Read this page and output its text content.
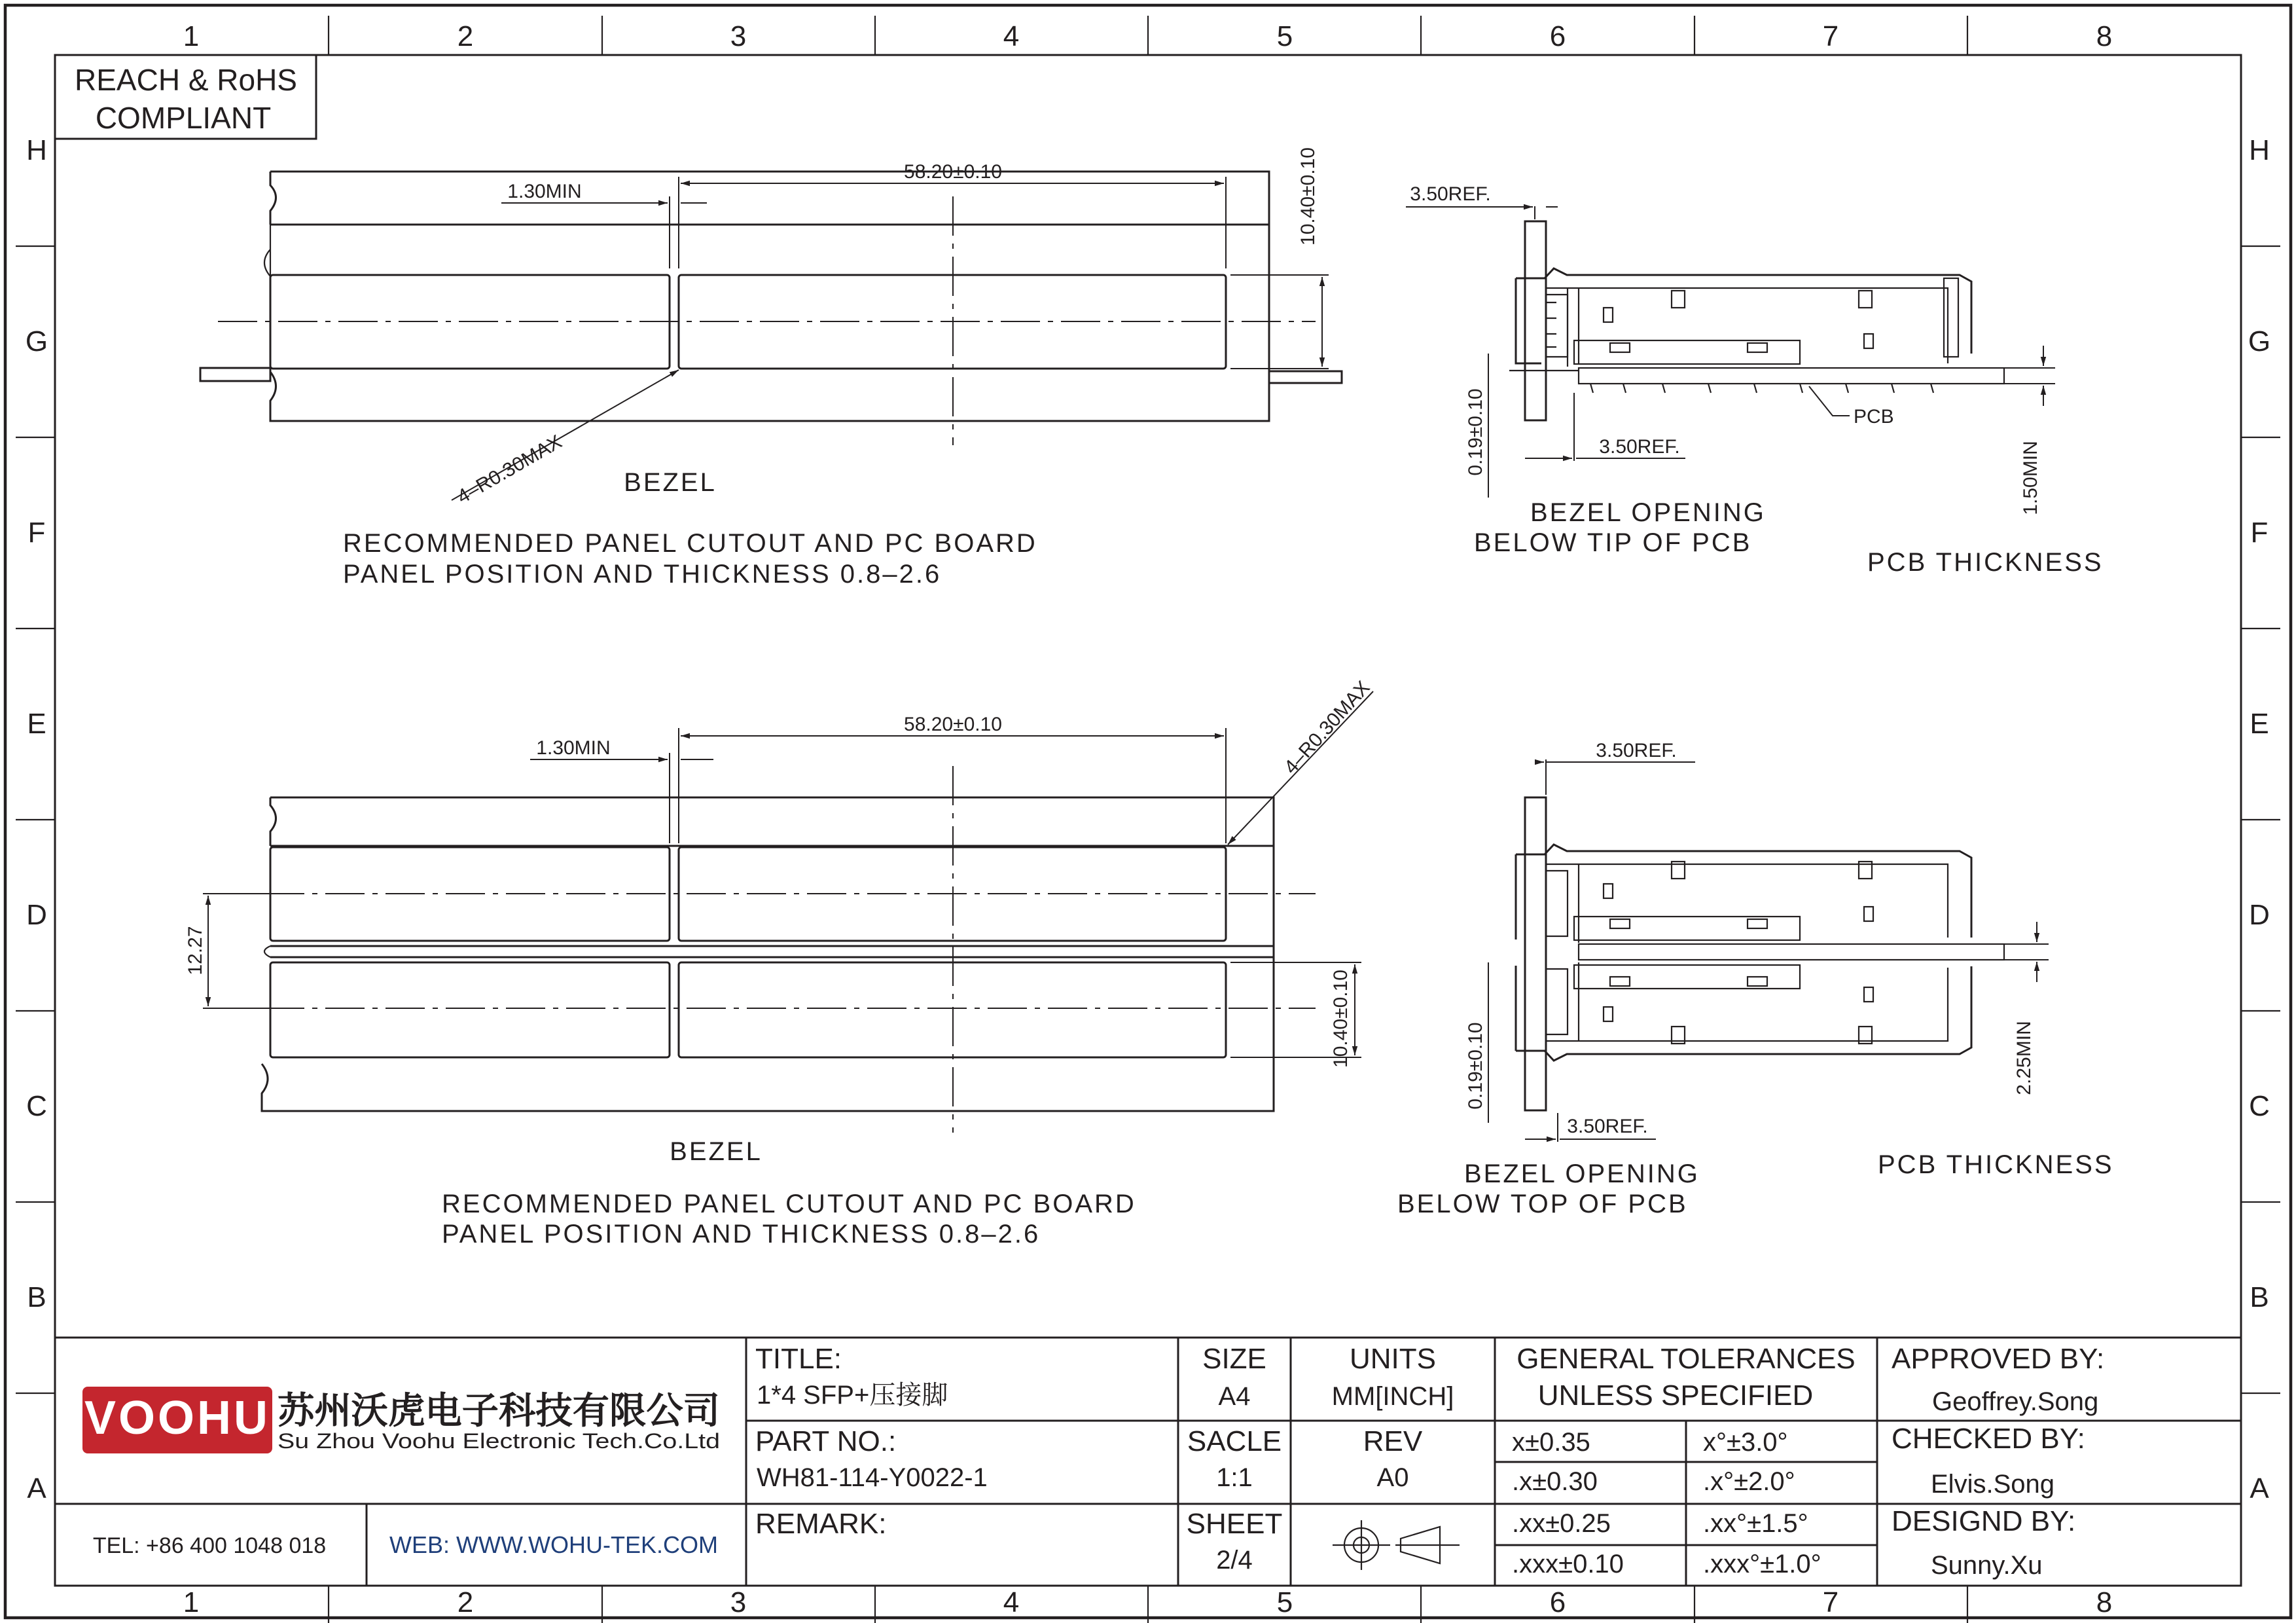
1	2	3	4	5	6	7	8
1	2	3	4	5	6	7	8
H
G
F
E
D
C
B
A
H
G
F
E
D
C
B
A
REACH & RoHS
COMPLIANT
58.20±0.10
1.30MIN	10.40±0.10
4–R0.30MAX BEZEL
RECOMMENDED PANEL CUTOUT AND PC BOARD
PANEL POSITION AND THICKNESS 0.8–2.6
3.50REF.
3.50REF.
0.19±0.10	PCB
1.50MIN
BEZEL OPENING
BELOW TIP OF PCB
PCB THICKNESS
58.20±0.10
1.30MIN
12.27
10.40±0.10
4–R0.30MAX
BEZEL
RECOMMENDED PANEL CUTOUT AND PC BOARD
PANEL POSITION AND THICKNESS 0.8–2.6
3.50REF.
3.50REF.
0.19±0.10	2.25MIN
BEZEL OPENING
BELOW TOP OF PCB
PCB THICKNESS
VOOHU 苏州沃虎电子科技有限公司
Su Zhou Voohu Electronic Tech.Co.Ltd
TEL: +86 400 1048 018	WEB: WWW.WOHU-TEK.COM
TITLE:
1*4 SFP+压接脚
PART NO.:
WH81-114-Y0022-1
REMARK:
SIZE
A4
SACLE
1:1
SHEET
2/4
UNITS
MM[INCH]
REV
A0
GENERAL TOLERANCES
UNLESS SPECIFIED
x±0.35	x°±3.0°
.x±0.30	.x°±2.0°
.xx±0.25	.xx°±1.5°
.xxx±0.10	.xxx°±1.0°
APPROVED BY:
Geoffrey.Song
CHECKED BY:
Elvis.Song
DESIGND BY:
Sunny.Xu
